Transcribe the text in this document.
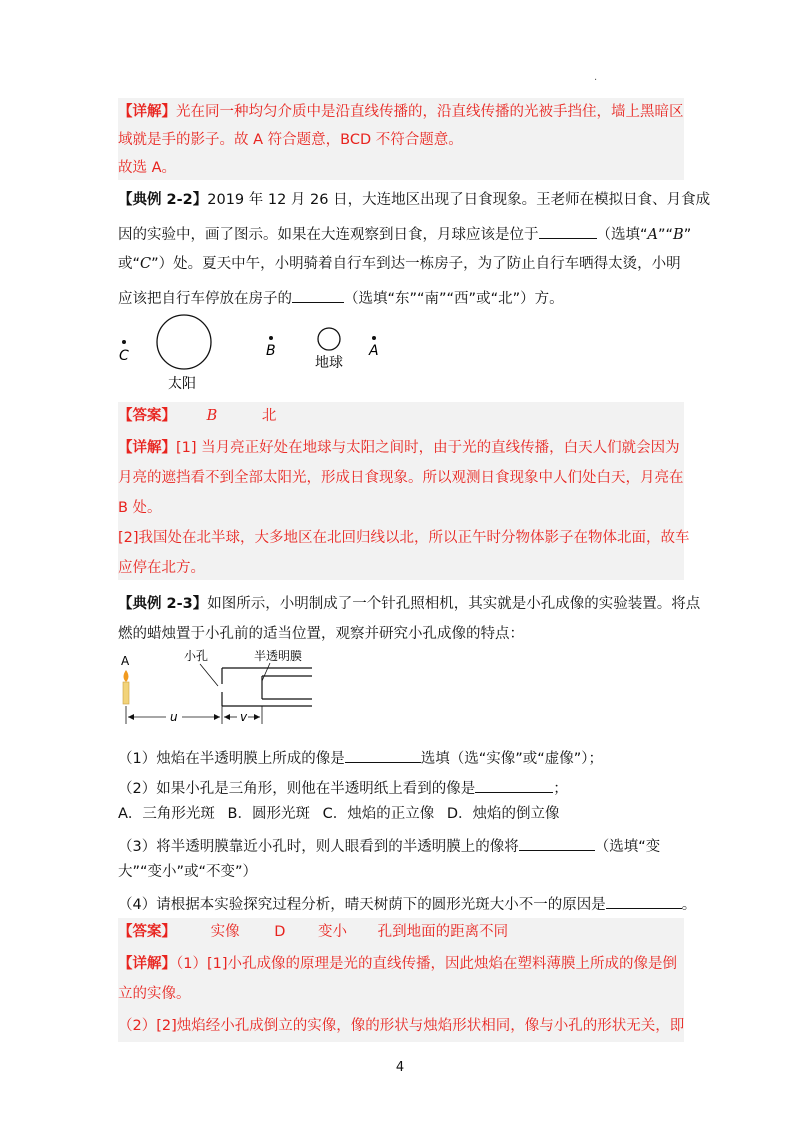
.
【详解】光在同一种均匀介质中是沿直线传播的，沿直线传播的光被手挡住，墙上黑暗区
域就是手的影子。故 A 符合题意，BCD 不符合题意。
故选 A。
【典例 2-2】2019 年 12 月 26 日，大连地区出现了日食现象。王老师在模拟日食、月食成
因的实验中，画了图示。如果在大连观察到日食，月球应该是位于	（选填“A”“B”
或“C”）处。夏天中午，小明骑着自行车到达一栋房子，为了防止自行车晒得太烫，小明
应该把自行车停放在房子的	（选填“东”“南”“西”或“北”）方。
C
太阳
B
地球
A
【答案】 B	北
【详解】[1] 当月亮正好处在地球与太阳之间时，由于光的直线传播，白天人们就会因为
月亮的遮挡看不到全部太阳光，形成日食现象。所以观测日食现象中人们处白天，月亮在
B 处。
[2]我国处在北半球，大多地区在北回归线以北，所以正午时分物体影子在物体北面，故车
应停在北方。
【典例 2-3】如图所示，小明制成了一个针孔照相机，其实就是小孔成像的实验装置。将点
燃的蜡烛置于小孔前的适当位置，观察并研究小孔成像的特点：
A	小孔	半透明膜
u	v
（1）烛焰在半透明膜上所成的像是	选填（选“实像”或“虚像”）；
（2）如果小孔是三角形，则他在半透明纸上看到的像是	；
A．三角形光斑 B．圆形光斑 C．烛焰的正立像 D．烛焰的倒立像
（3）将半透明膜靠近小孔时，则人眼看到的半透明膜上的像将	（选填“变
大”“变小”或“不变”）
（4）请根据本实验探究过程分析，晴天树荫下的圆形光斑大小不一的原因是	。
【答案】 实像 D 变小 孔到地面的距离不同
【详解】（1）[1]小孔成像的原理是光的直线传播，因此烛焰在塑料薄膜上所成的像是倒
立的实像。
（2）[2]烛焰经小孔成倒立的实像，像的形状与烛焰形状相同，像与小孔的形状无关，即
4
